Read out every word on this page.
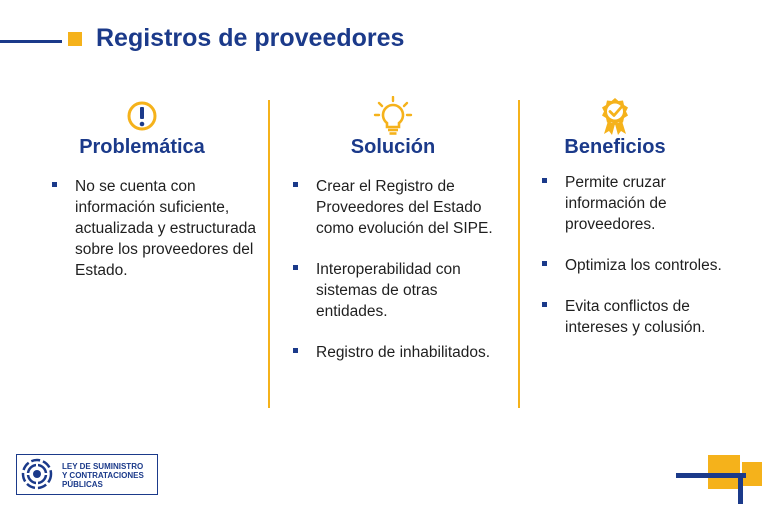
Registros de proveedores
Problemática
No se cuenta con información suficiente, actualizada y estructurada sobre los proveedores del Estado.
Solución
Crear el Registro de Proveedores del Estado como evolución del SIPE.
Interoperabilidad con sistemas de otras entidades.
Registro de inhabilitados.
Beneficios
Permite cruzar información de proveedores.
Optimiza los controles.
Evita conflictos de intereses y colusión.
LEY DE SUMINISTRO
Y CONTRATACIONES
PÚBLICAS
